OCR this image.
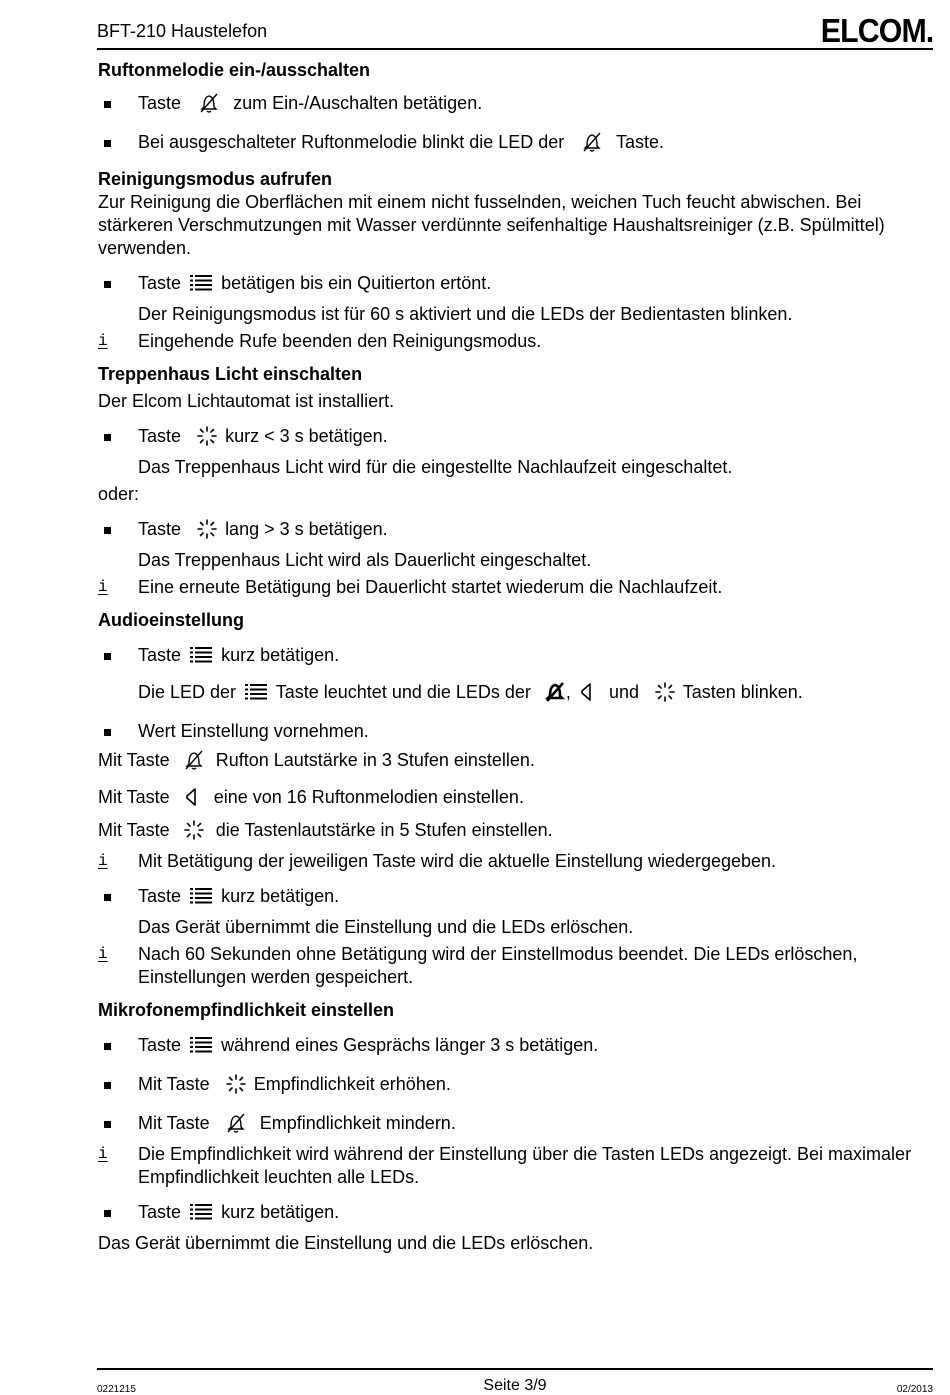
BFT-210 Haustelefon	ELCOM.

Ruftonmelodie ein-/ausschalten

Taste	zum Ein-/Auschalten betätigen.
Bei ausgeschalteter Ruftonmelodie blinkt die LED der	Taste.

Reinigungsmodus aufrufen

Zur Reinigung die Oberflächen mit einem nicht fusselnden, weichen Tuch feucht abwischen. Bei stärkeren Verschmutzungen mit Wasser verdünnte seifenhaltige Haushaltsreiniger (z.B. Spülmittel) verwenden.

Taste betätigen bis ein Quitierton ertönt.
Der Reinigungsmodus ist für 60 s aktiviert und die LEDs der Bedientasten blinken.
i Eingehende Rufe beenden den Reinigungsmodus.

Treppenhaus Licht einschalten

Der Elcom Lichtautomat ist installiert.

Taste kurz < 3 s betätigen.
Das Treppenhaus Licht wird für die eingestellte Nachlaufzeit eingeschaltet.

oder:

Taste lang > 3 s betätigen.
Das Treppenhaus Licht wird als Dauerlicht eingeschaltet.
i Eine erneute Betätigung bei Dauerlicht startet wiederum die Nachlaufzeit.

Audioeinstellung

Taste kurz betätigen.
Die LED der Taste leuchtet und die LEDs der , und Tasten blinken.
Wert Einstellung vornehmen.

Mit Taste	Rufton Lautstärke in 3 Stufen einstellen.

Mit Taste eine von 16 Ruftonmelodien einstellen.

Mit Taste	die Tastenlautstärke in 5 Stufen einstellen.

i Mit Betätigung der jeweiligen Taste wird die aktuelle Einstellung wiedergegeben.
Taste kurz betätigen.
Das Gerät übernimmt die Einstellung und die LEDs erlöschen.
i Nach 60 Sekunden ohne Betätigung wird der Einstellmodus beendet. Die LEDs erlöschen, Einstellungen werden gespeichert.

Mikrofonempfindlichkeit einstellen

Taste während eines Gesprächs länger 3 s betätigen.
Mit Taste Empfindlichkeit erhöhen.
Mit Taste	Empfindlichkeit mindern.
i Die Empfindlichkeit wird während der Einstellung über die Tasten LEDs angezeigt. Bei maximaler Empfindlichkeit leuchten alle LEDs.
Taste kurz betätigen.

Das Gerät übernimmt die Einstellung und die LEDs erlöschen.

0221215	Seite 3/9	02/2013
